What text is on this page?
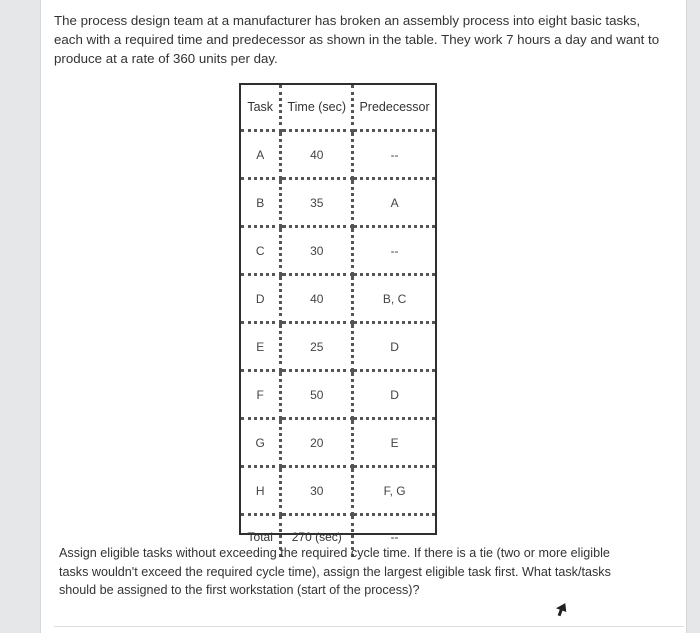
The process design team at a manufacturer has broken an assembly process into eight basic tasks, each with a required time and predecessor as shown in the table. They work 7 hours a day and want to produce at a rate of 360 units per day.

Task	Time (sec)	Predecessor
A	40	--
B	35	A
C	30	--
D	40	B, C
E	25	D
F	50	D
G	20	E
H	30	F, G
Total	270 (sec)	--

Assign eligible tasks without exceeding the required cycle time. If there is a tie (two or more eligible tasks wouldn't exceed the required cycle time), assign the largest eligible task first. What task/tasks should be assigned to the first workstation (start of the process)?
